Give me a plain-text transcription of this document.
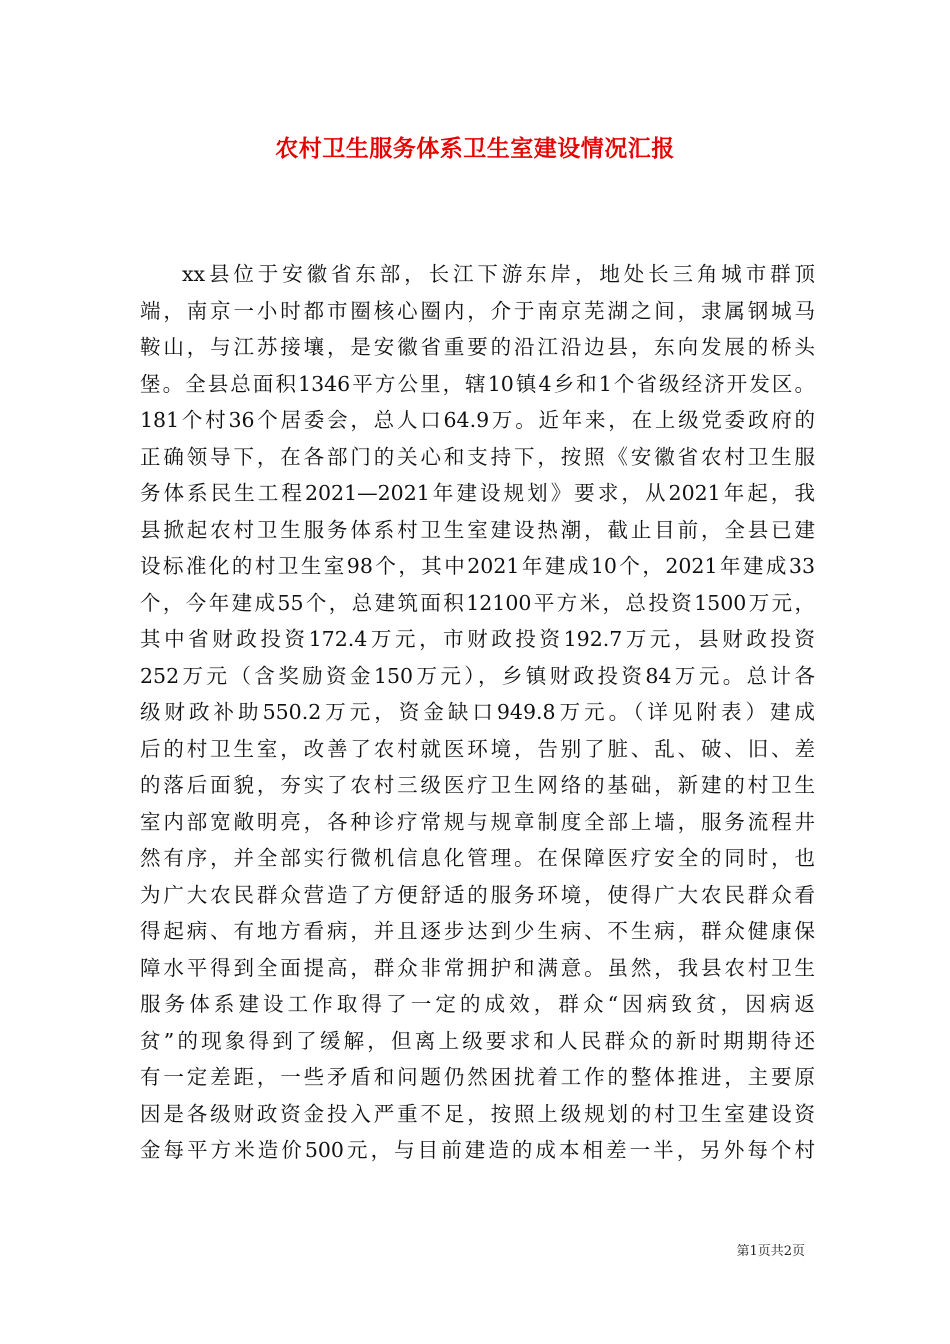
农村卫生服务体系卫生室建设情况汇报
xx县位于安徽省东部，长江下游东岸，地处长三角城市群顶
端，南京一小时都市圈核心圈内，介于南京芜湖之间，隶属钢城马
鞍山，与江苏接壤，是安徽省重要的沿江沿边县，东向发展的桥头
堡。全县总面积1346平方公里，辖10镇4乡和1个省级经济开发区。
181个村36个居委会，总人口64.9万。近年来，在上级党委政府的
正确领导下，在各部门的关心和支持下，按照《安徽省农村卫生服
务体系民生工程2021—2021年建设规划》要求，从2021年起，我
县掀起农村卫生服务体系村卫生室建设热潮，截止目前，全县已建
设标准化的村卫生室98个，其中2021年建成10个，2021年建成33
个，今年建成55个，总建筑面积12100平方米，总投资1500万元，
其中省财政投资172.4万元，市财政投资192.7万元，县财政投资
252万元（含奖励资金150万元），乡镇财政投资84万元。总计各
级财政补助550.2万元，资金缺口949.8万元。（详见附表）建成
后的村卫生室，改善了农村就医环境，告别了脏、乱、破、旧、差
的落后面貌，夯实了农村三级医疗卫生网络的基础，新建的村卫生
室内部宽敞明亮，各种诊疗常规与规章制度全部上墙，服务流程井
然有序，并全部实行微机信息化管理。在保障医疗安全的同时，也
为广大农民群众营造了方便舒适的服务环境，使得广大农民群众看
得起病、有地方看病，并且逐步达到少生病、不生病，群众健康保
障水平得到全面提高，群众非常拥护和满意。虽然，我县农村卫生
服务体系建设工作取得了一定的成效，群众“因病致贫，因病返
贫”的现象得到了缓解，但离上级要求和人民群众的新时期期待还
有一定差距，一些矛盾和问题仍然困扰着工作的整体推进，主要原
因是各级财政资金投入严重不足，按照上级规划的村卫生室建设资
金每平方米造价500元，与目前建造的成本相差一半，另外每个村
第1页共2页
